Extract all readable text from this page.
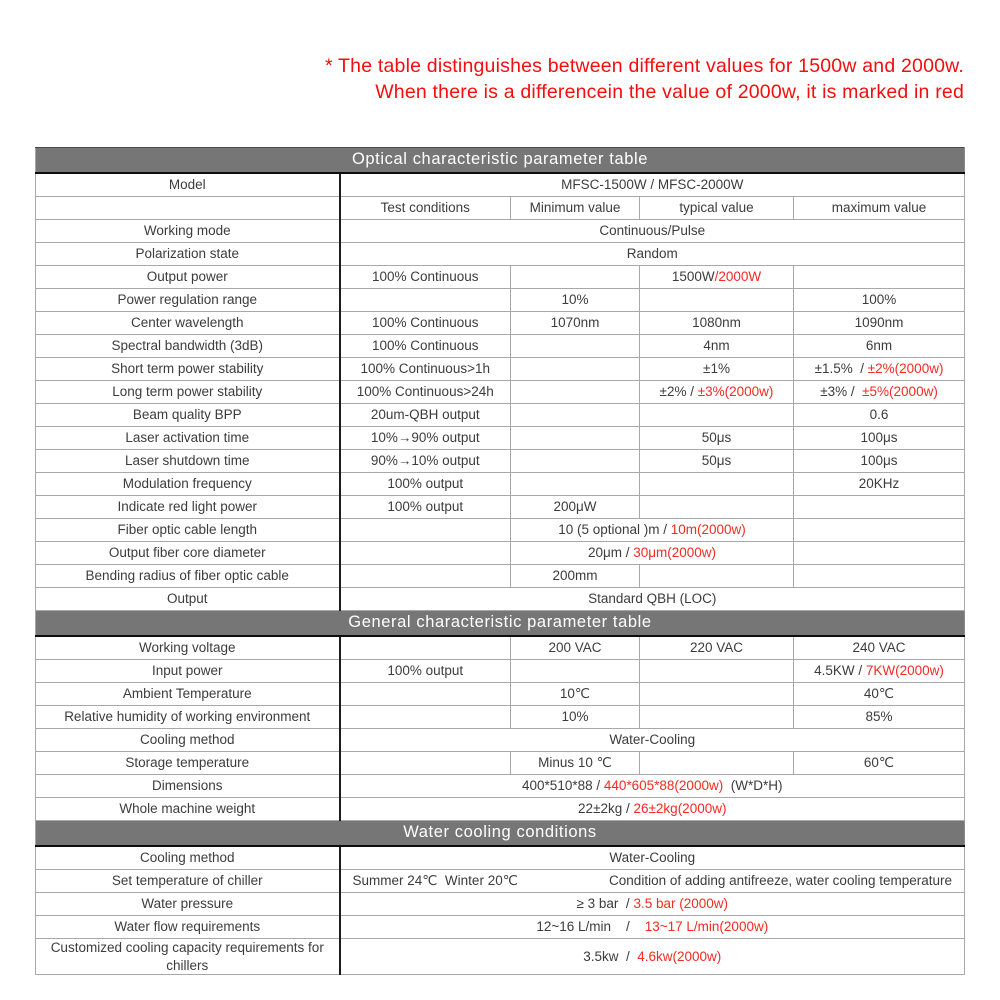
* The table distinguishes between different values for 1500w and 2000w.
When there is a differencein the value of 2000w, it is marked in red
Optical characteristic parameter table				
Model	MFSC-1500W / MFSC-2000W			
	Test conditions	Minimum value	typical value	maximum value
Working mode	Continuous/Pulse			
Polarization state	Random			
Output power	100% Continuous		1500W/2000W	
Power regulation range		10%		100%
Center wavelength	100% Continuous	1070nm	1080nm	1090nm
Spectral bandwidth (3dB)	100% Continuous		4nm	6nm
Short term power stability	100% Continuous>1h		±1%	±1.5%  / ±2%(2000w)
Long term power stability	100% Continuous>24h		±2% / ±3%(2000w)	±3% /  ±5%(2000w)
Beam quality BPP	20um-QBH output			0.6
Laser activation time	10%→90% output		50μs	100μs
Laser shutdown time	90%→10% output		50μs	100μs
Modulation frequency	100% output			20KHz
Indicate red light power	100% output	200μW		
Fiber optic cable length		10 (5 optional )m / 10m(2000w)		
Output fiber core diameter		20μm / 30μm(2000w)		
Bending radius of fiber optic cable		200mm		
Output	Standard QBH (LOC)			
General characteristic parameter table				
Working voltage		200 VAC	220 VAC	240 VAC
Input power	100% output			4.5KW / 7KW(2000w)
Ambient Temperature		10℃		40℃
Relative humidity of working environment		10%		85%
Cooling method	Water-Cooling			
Storage temperature		Minus 10 ℃		60℃
Dimensions	400*510*88 / 440*605*88(2000w)  (W*D*H)			
Whole machine weight	22±2kg / 26±2kg(2000w)			
Water cooling conditions				
Cooling method	Water-Cooling			
Set temperature of chiller	Summer 24℃  Winter 20℃ Condition of adding antifreeze, water cooling temperature			

Water pressure	≥ 3 bar  / 3.5 bar (2000w)			
Water flow requirements	12~16 L/min    /    13~17 L/min(2000w)			
Customized cooling capacity requirements for chillers	3.5kw  /  4.6kw(2000w)			
